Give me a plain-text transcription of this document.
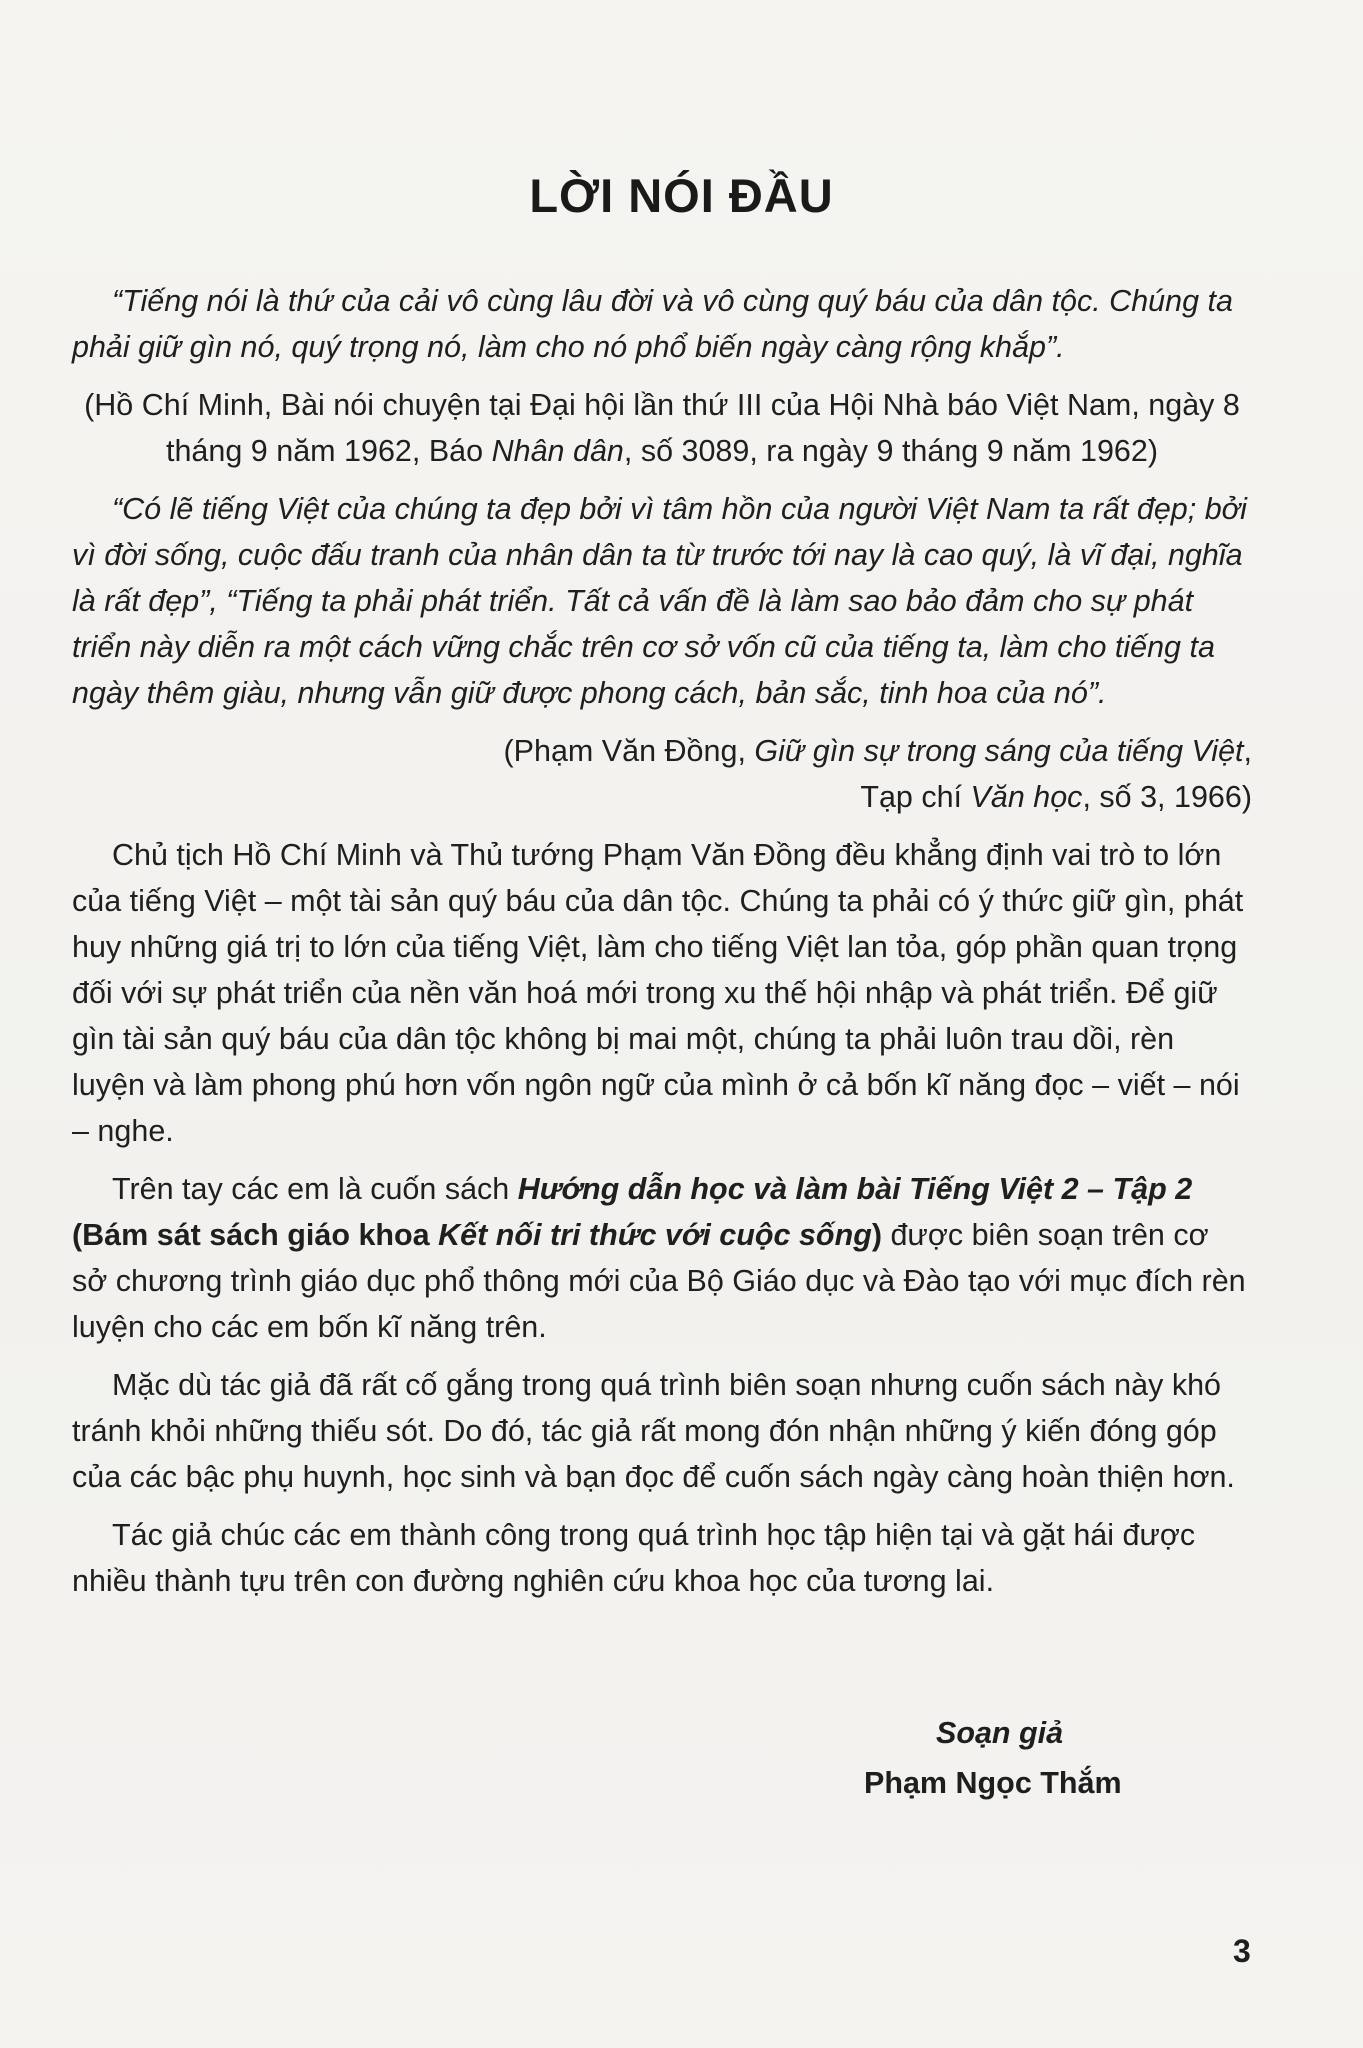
LỜI NÓI ĐẦU

“Tiếng nói là thứ của cải vô cùng lâu đời và vô cùng quý báu của dân tộc. Chúng ta phải giữ gìn nó, quý trọng nó, làm cho nó phổ biến ngày càng rộng khắp”.

(Hồ Chí Minh, Bài nói chuyện tại Đại hội lần thứ III của Hội Nhà báo Việt Nam, ngày 8 tháng 9 năm 1962, Báo Nhân dân, số 3089, ra ngày 9 tháng 9 năm 1962)

“Có lẽ tiếng Việt của chúng ta đẹp bởi vì tâm hồn của người Việt Nam ta rất đẹp; bởi vì đời sống, cuộc đấu tranh của nhân dân ta từ trước tới nay là cao quý, là vĩ đại, nghĩa là rất đẹp”, “Tiếng ta phải phát triển. Tất cả vấn đề là làm sao bảo đảm cho sự phát triển này diễn ra một cách vững chắc trên cơ sở vốn cũ của tiếng ta, làm cho tiếng ta ngày thêm giàu, nhưng vẫn giữ được phong cách, bản sắc, tinh hoa của nó”.

(Phạm Văn Đồng, Giữ gìn sự trong sáng của tiếng Việt,

Tạp chí Văn học, số 3, 1966)

Chủ tịch Hồ Chí Minh và Thủ tướng Phạm Văn Đồng đều khẳng định vai trò to lớn của tiếng Việt – một tài sản quý báu của dân tộc. Chúng ta phải có ý thức giữ gìn, phát huy những giá trị to lớn của tiếng Việt, làm cho tiếng Việt lan tỏa, góp phần quan trọng đối với sự phát triển của nền văn hoá mới trong xu thế hội nhập và phát triển. Để giữ gìn tài sản quý báu của dân tộc không bị mai một, chúng ta phải luôn trau dồi, rèn luyện và làm phong phú hơn vốn ngôn ngữ của mình ở cả bốn kĩ năng đọc – viết – nói – nghe.

Trên tay các em là cuốn sách Hướng dẫn học và làm bài Tiếng Việt 2 – Tập 2 (Bám sát sách giáo khoa Kết nối tri thức với cuộc sống) được biên soạn trên cơ sở chương trình giáo dục phổ thông mới của Bộ Giáo dục và Đào tạo với mục đích rèn luyện cho các em bốn kĩ năng trên.

Mặc dù tác giả đã rất cố gắng trong quá trình biên soạn nhưng cuốn sách này khó tránh khỏi những thiếu sót. Do đó, tác giả rất mong đón nhận những ý kiến đóng góp của các bậc phụ huynh, học sinh và bạn đọc để cuốn sách ngày càng hoàn thiện hơn.

Tác giả chúc các em thành công trong quá trình học tập hiện tại và gặt hái được nhiều thành tựu trên con đường nghiên cứu khoa học của tương lai.

Soạn giả
Phạm Ngọc Thắm
3
